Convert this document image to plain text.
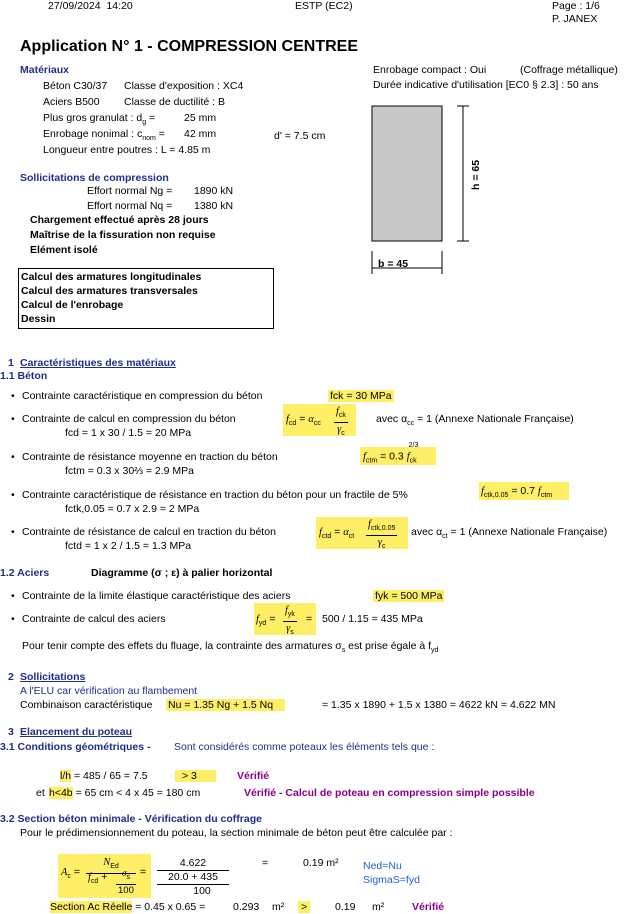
27/09/2024 14:20	ESTP (EC2)	Page : 1/6
P. JANEX
Application N° 1 - COMPRESSION CENTREE
Matériaux
Béton C30/37 Classe d'exposition : XC4
Aciers B500 Classe de ductilité : B
Plus gros granulat : $d_g$ =	25 mm
Enrobage nonimal : $c_{nom} = 42$ mm	d' = 7.5 cm
Longueur entre poutres : L = 4.85 m
Enrobage compact : Oui	(Coffrage métallique)
Durée indicative d'utilisation [EC0 § 2.3] : 50 ans
h = 65
b = 45
Sollicitations de compression
Effort normal Ng = 1890 kN
Effort normal Nq = 1380 kN
Chargement effectué après 28 jours
Maîtrise de la fissuration non requise
Elément isolé
Calcul des armatures longitudinales
Calcul des armatures transversales
Calcul de l'enrobage
Dessin
1 Caractéristiques des matériaux
1.1 Béton
• Contrainte caractéristique en compression du béton	fck = 30 MPa
• Contrainte de calcul en compression du béton	$f_{cd} = \alpha_{cc}$
$f_{ck}$
$\gamma_c$
avec $\alpha_{cc} = 1$ (Annexe Nationale Française)
fcd = 1 x 30 / 1.5 = 20 MPa
• Contrainte de résistance moyenne en traction du béton	$f_{ctm} = 0.3$ $f_{ck}^{2/3}$
fctm = 0.3 x 30⅔ = 2.9 MPa
• Contrainte caractéristique de résistance en traction du béton pour un fractile de 5%	$f_{ctk,0.05} = 0.7$ $f_{ctm}$
fctk,0.05 = 0.7 x 2.9 = 2 MPa
• Contrainte de résistance de calcul en traction du béton	$f_{ctd} = \alpha_{ct}$
$f_{ctk,0.05}$
$\gamma_c$
avec $\alpha_{ct} = 1$ (Annexe Nationale Française)
fctd = 1 x 2 / 1.5 = 1.3 MPa
1.2 Aciers	Diagramme (σ ; ε) à palier horizontal
• Contrainte de la limite élastique caractéristique des aciers	fyk = 500 MPa
• Contrainte de calcul des aciers	$f_{yd}$ =
$f_{yk}$
$\gamma_s$
= 500 / 1.15 = 435 MPa
Pour tenir compte des effets du fluage, la contrainte des armatures $\sigma_s$ est prise égale à $f_{yd}$
2 Sollicitations
A l'ELU car vérification au flambement
Combinaison caractéristique Nu = 1.35 Ng + 1.5 Nq	= 1.35 x 1890 + 1.5 x 1380 = 4622 kN = 4.622 MN
3 Elancement du poteau
3.1 Conditions géométriques - Sont considérés comme poteaux les éléments tels que :
l/h = 485 / 65 = 7.5	> 3	Vérifié
et h<4b = 65 cm < 4 x 45 = 180 cm	Vérifié - Calcul de poteau en compression simple possible
3.2 Section béton minimale - Vérification du coffrage
Pour le prédimensionnement du poteau, la section minimale de béton peut être calculée par :
$A_c$ =
$N_{Ed}$
$f_{cd} + \frac{\sigma_s}{100}$ =
4.622
20.0 + 435
100
=	0.19 m² Ned=Nu
SigmaS=fyd
Section Ac Réelle = 0.45 x 0.65 =	0.293 m² >	0.19 m²	Vérifié
